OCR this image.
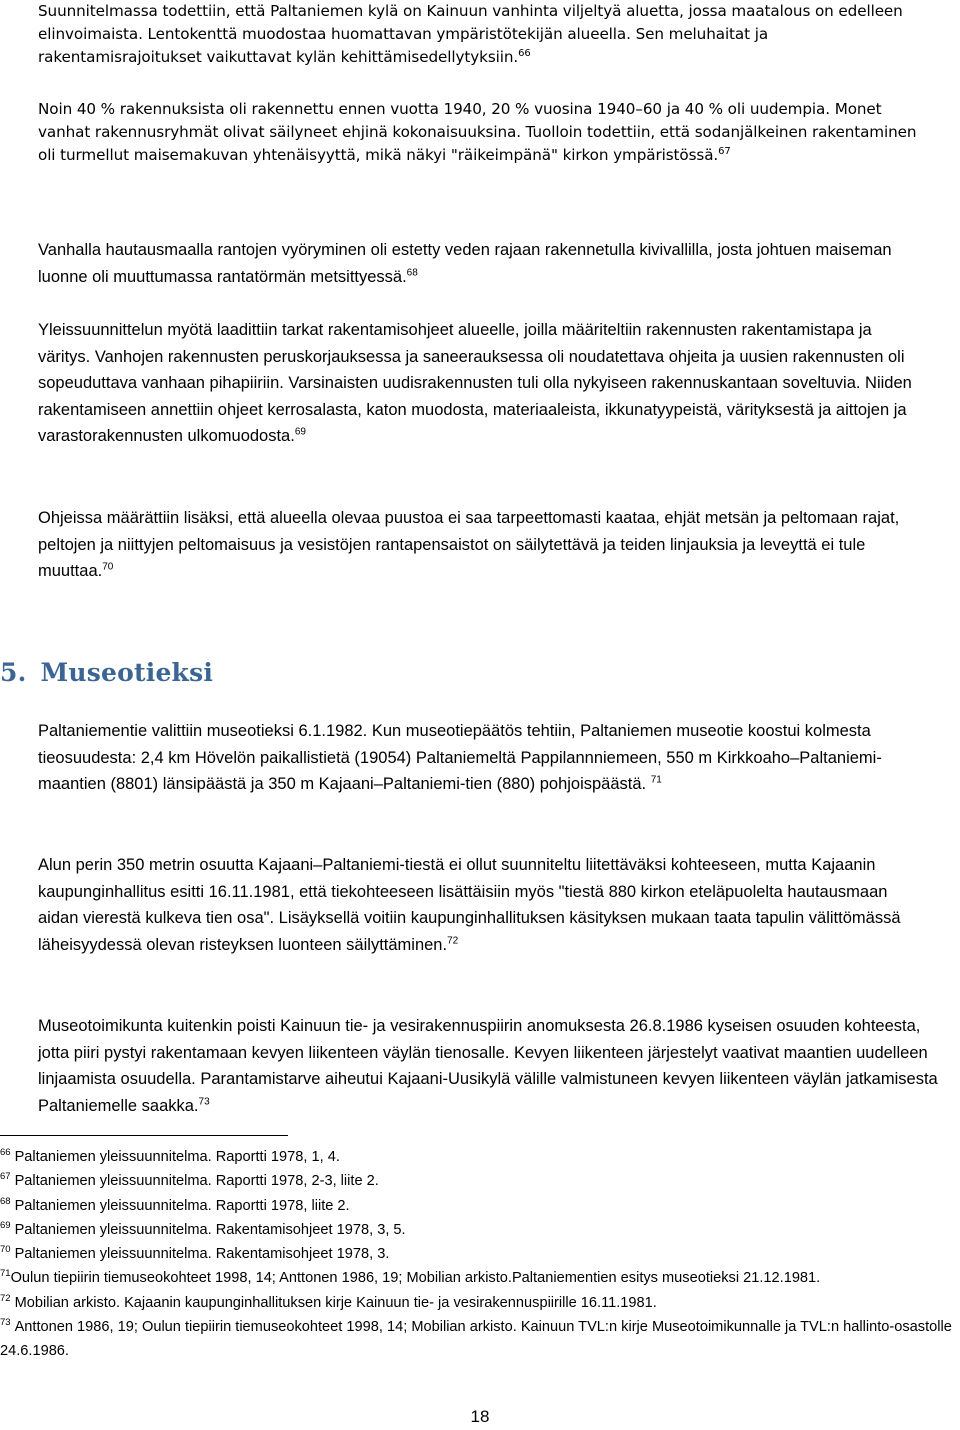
Suunnitelmassa todettiin, että Paltaniemen kylä on Kainuun vanhinta viljeltyä aluetta, jossa maatalous on edelleen elinvoimaista. Lentokenttä muodostaa huomattavan ympäristötekijän alueella. Sen meluhaitat ja rakentamisrajoitukset vaikuttavat kylän kehittämisedellytyksiin.$^{66}$

Noin 40 % rakennuksista oli rakennettu ennen vuotta 1940, 20 % vuosina 1940–60 ja 40 % oli uudempia. Monet vanhat rakennusryhmät olivat säilyneet ehjinä kokonaisuuksina. Tuolloin todettiin, että sodanjälkeinen rakentaminen oli turmellut maisemakuvan yhtenäisyyttä, mikä näkyi "räikeimpänä" kirkon ympäristössä.$^{67}$

Vanhalla hautausmaalla rantojen vyöryminen oli estetty veden rajaan rakennetulla kivivallilla, josta johtuen maiseman luonne oli muuttumassa rantatörmän metsittyessä.$^{68}$

Yleissuunnittelun myötä laadittiin tarkat rakentamisohjeet alueelle, joilla määriteltiin rakennusten rakentamistapa ja väritys. Vanhojen rakennusten peruskorjauksessa ja saneerauksessa oli noudatettava ohjeita ja uusien rakennusten oli sopeuduttava vanhaan pihapiiriin. Varsinaisten uudisrakennusten tuli olla nykyiseen rakennuskantaan soveltuvia. Niiden rakentamiseen annettiin ohjeet kerrosalasta, katon muodosta, materiaaleista, ikkunatyypeistä, värityksestä ja aittojen ja varastorakennusten ulkomuodosta.$^{69}$

Ohjeissa määrättiin lisäksi, että alueella olevaa puustoa ei saa tarpeettomasti kaataa, ehjät metsän ja peltomaan rajat, peltojen ja niittyjen peltomaisuus ja vesistöjen rantapensaistot on säilytettävä ja teiden linjauksia ja leveyttä ei tule muuttaa.$^{70}$

5. Museotieksi

Paltaniementie valittiin museotieksi 6.1.1982. Kun museotiepäätös tehtiin, Paltaniemen museotie koostui kolmesta tieosuudesta: 2,4 km Hövelön paikallistietä (19054) Paltaniemeltä Pappilannniemeen, 550 m Kirkkoaho–Paltaniemi-maantien (8801) länsipäästä ja 350 m Kajaani–Paltaniemi-tien (880) pohjoispäästä. $^{71}$

Alun perin 350 metrin osuutta Kajaani–Paltaniemi-tiestä ei ollut suunniteltu liitettäväksi kohteeseen, mutta Kajaanin kaupunginhallitus esitti 16.11.1981, että tiekohteeseen lisättäisiin myös "tiestä 880 kirkon eteläpuolelta hautausmaan aidan vierestä kulkeva tien osa". Lisäyksellä voitiin kaupunginhallituksen käsityksen mukaan taata tapulin välittömässä läheisyydessä olevan risteyksen luonteen säilyttäminen.$^{72}$

Museotoimikunta kuitenkin poisti Kainuun tie- ja vesirakennuspiirin anomuksesta 26.8.1986 kyseisen osuuden kohteesta, jotta piiri pystyi rakentamaan kevyen liikenteen väylän tienosalle. Kevyen liikenteen järjestelyt vaativat maantien uudelleen linjaamista osuudella. Parantamistarve aiheutui Kajaani-Uusikylä välille valmistuneen kevyen liikenteen väylän jatkamisesta Paltaniemelle saakka.$^{73}$

$^{66}$ Paltaniemen yleissuunnitelma. Raportti 1978, 1, 4.
$^{67}$ Paltaniemen yleissuunnitelma. Raportti 1978, 2-3, liite 2.
$^{68}$ Paltaniemen yleissuunnitelma. Raportti 1978, liite 2.
$^{69}$ Paltaniemen yleissuunnitelma. Rakentamisohjeet 1978, 3, 5.
$^{70}$ Paltaniemen yleissuunnitelma. Rakentamisohjeet 1978, 3.
$^{71}$Oulun tiepiirin tiemuseokohteet 1998, 14; Anttonen 1986, 19; Mobilian arkisto.Paltaniementien esitys museotieksi 21.12.1981.
$^{72}$ Mobilian arkisto. Kajaanin kaupunginhallituksen kirje Kainuun tie- ja vesirakennuspiirille 16.11.1981.
$^{73}$ Anttonen 1986, 19; Oulun tiepiirin tiemuseokohteet 1998, 14; Mobilian arkisto. Kainuun TVL:n kirje Museotoimikunnalle ja TVL:n hallinto-osastolle 24.6.1986.
18
